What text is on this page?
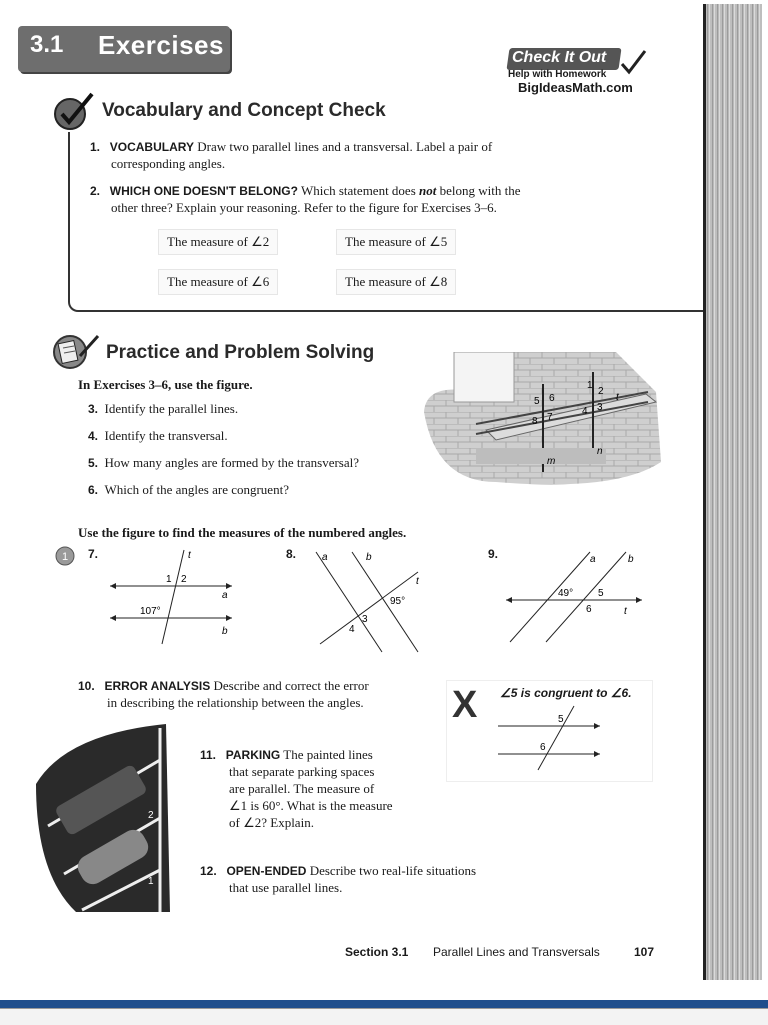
3.1 Exercises	Check It Out
Help with Homework
BigIdeasMath.com
Vocabulary and Concept Check
1. VOCABULARY Draw two parallel lines and a transversal. Label a pair of
corresponding angles.
2. WHICH ONE DOESN'T BELONG? Which statement does not belong with the
other three? Explain your reasoning. Refer to the figure for Exercises 3–6.
The measure of ∠2	The measure of ∠5
The measure of ∠6	The measure of ∠8
Practice and Problem Solving
In Exercises 3–6, use the figure.
3. Identify the parallel lines.
4. Identify the transversal.
5. How many angles are formed by the transversal?
6. Which of the angles are congruent?
5 6
8 7
1
2
4 3
t
m
n
Use the figure to find the measures of the numbered angles.
1 7.	t
a
b
1 2
107°
8.	a	b
t
95°
3
4
9.	a	b
t
49° 5
6
10. ERROR ANALYSIS Describe and correct the error
in describing the relationship between the angles.	X ∠5 is congruent to ∠6.
5
6
2
1
11. PARKING The painted lines
that separate parking spaces
are parallel. The measure of
∠1 is 60°. What is the measure
of ∠2? Explain.
12. OPEN-ENDED Describe two real-life situations
that use parallel lines.
Section 3.1 Parallel Lines and Transversals	107
